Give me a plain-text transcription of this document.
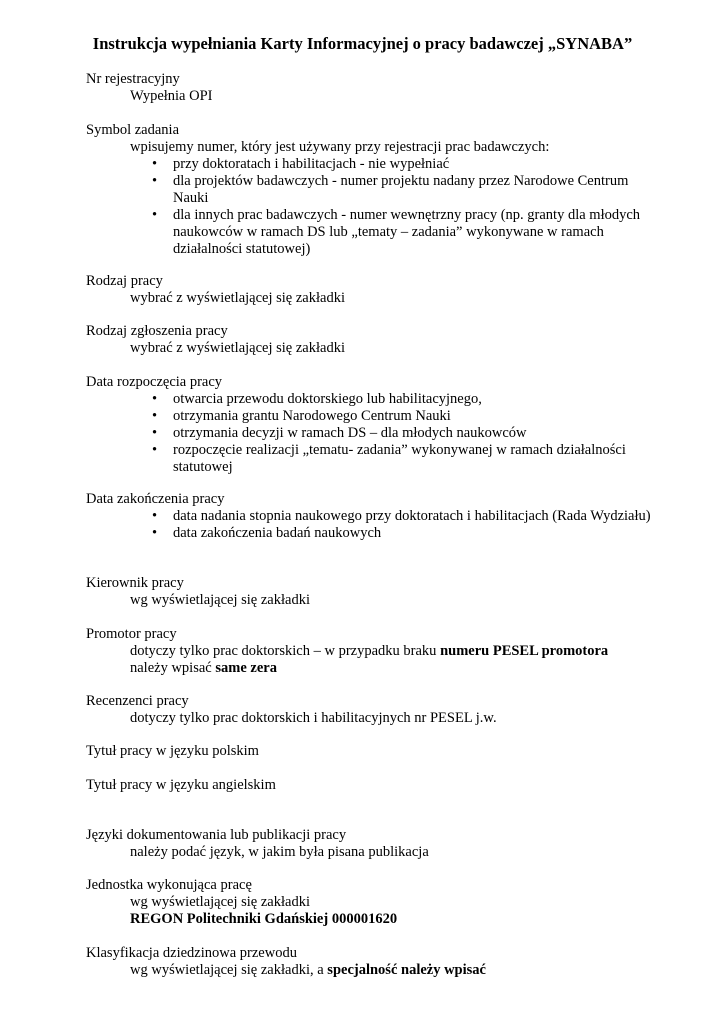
Instrukcja wypełniania Karty Informacyjnej o pracy badawczej „SYNABA”
Nr rejestracyjny
Wypełnia OPI
Symbol zadania
wpisujemy numer, który jest używany przy rejestracji prac badawczych:
• przy doktoratach i habilitacjach - nie wypełniać
• dla projektów badawczych - numer projektu nadany przez Narodowe Centrum Nauki
• dla innych prac badawczych - numer wewnętrzny pracy (np. granty dla młodych naukowców w ramach DS lub „tematy – zadania” wykonywane w ramach działalności statutowej)
Rodzaj pracy
wybrać z wyświetlającej się zakładki
Rodzaj zgłoszenia pracy
wybrać z wyświetlającej się zakładki
Data rozpoczęcia pracy
• otwarcia przewodu doktorskiego lub habilitacyjnego,
• otrzymania grantu Narodowego Centrum Nauki
• otrzymania decyzji w ramach DS – dla młodych naukowców
• rozpoczęcie realizacji „tematu- zadania” wykonywanej w ramach działalności statutowej
Data zakończenia pracy
• data nadania stopnia naukowego przy doktoratach i habilitacjach (Rada Wydziału)
• data zakończenia badań naukowych
Kierownik pracy
wg wyświetlającej się zakładki
Promotor pracy
dotyczy tylko prac doktorskich – w przypadku braku numeru PESEL promotora
należy wpisać same zera
Recenzenci pracy
dotyczy tylko prac doktorskich i habilitacyjnych nr PESEL j.w.
Tytuł pracy w języku polskim
Tytuł pracy w języku angielskim
Języki dokumentowania lub publikacji pracy
należy podać język, w jakim była pisana publikacja
Jednostka wykonująca pracę
wg wyświetlającej się zakładki
REGON Politechniki Gdańskiej 000001620
Klasyfikacja dziedzinowa przewodu
wg wyświetlającej się zakładki, a specjalność należy wpisać
